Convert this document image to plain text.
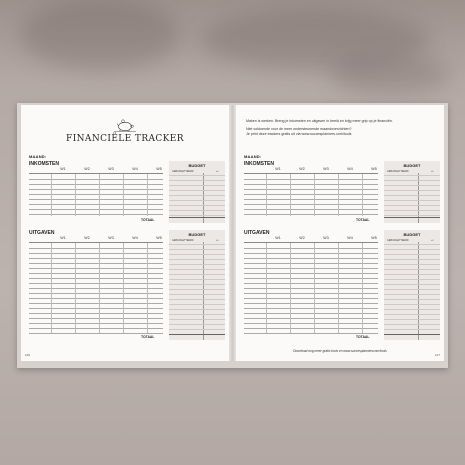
FINANCIËLE TRACKER
MAAND:
INKOMSTEN
W1	W2	W3	W4	W5
TOTAAL
BUDGET
GEBUDGETTEERD	+/-
UITGAVEN
W1	W2	W3	W4	W5
TOTAAL
BUDGET
GEBUDGETTEERD	+/-
126

Maken is werken. Breng je inkomsten en uitgaven in beeld en krijg meer grip op je financiën.

Niet voldoende voor de meer ondersteunende maandoverzichten?

Je print deze trackers gratis uit via www.succesplanners.com/tools

MAAND:
INKOMSTEN
W1	W2	W3	W4	W5
TOTAAL
BUDGET
GEBUDGETTEERD	+/-
UITGAVEN
W1	W2	W3	W4	W5
TOTAAL
BUDGET
GEBUDGETTEERD	+/-
Download nog meer gratis tools en www.succesplannerscom/tools
127
